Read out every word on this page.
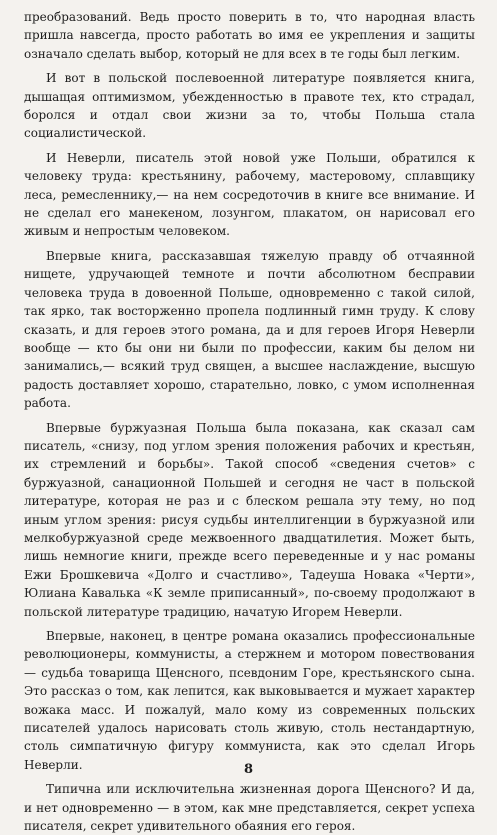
преобразований. Ведь просто поверить в то, что народная власть пришла навсегда, просто работать во имя ее укрепления и защиты означало сделать выбор, который не для всех в те годы был легким.

И вот в польской послевоенной литературе появляется книга, дышащая оптимизмом, убежденностью в правоте тех, кто страдал, боролся и отдал свои жизни за то, чтобы Польша стала социалистической.

И Неверли, писатель этой новой уже Польши, обратился к человеку труда: крестьянину, рабочему, мастеровому, сплавщику леса, ремесленнику,— на нем сосредоточив в книге все внимание. И не сделал его манекеном, лозунгом, плакатом, он нарисовал его живым и непростым человеком.

Впервые книга, рассказавшая тяжелую правду об отчаянной нищете, удручающей темноте и почти абсолютном бесправии человека труда в довоенной Польше, одновременно с такой силой, так ярко, так восторженно пропела подлинный гимн труду. К слову сказать, и для героев этого романа, да и для героев Игоря Неверли вообще — кто бы они ни были по профессии, каким бы делом ни занимались,— всякий труд священ, а высшее наслаждение, высшую радость доставляет хорошо, старательно, ловко, с умом исполненная работа.

Впервые буржуазная Польша была показана, как сказал сам писатель, «снизу, под углом зрения положения рабочих и крестьян, их стремлений и борьбы». Такой способ «сведения счетов» с буржуазной, санационной Польшей и сегодня не част в польской литературе, которая не раз и с блеском решала эту тему, но под иным углом зрения: рисуя судьбы интеллигенции в буржуазной или мелкобуржуазной среде межвоенного двадцатилетия. Может быть, лишь немногие книги, прежде всего переведенные и у нас романы Ежи Брошкевича «Долго и счастливо», Тадеуша Новака «Черти», Юлиана Кавалька «К земле приписанный», по-своему продолжают в польской литературе традицию, начатую Игорем Неверли.

Впервые, наконец, в центре романа оказались профессиональные революционеры, коммунисты, а стержнем и мотором повествования — судьба товарища Щенсного, псевдоним Горе, крестьянского сына. Это рассказ о том, как лепится, как выковывается и мужает характер вожака масс. И пожалуй, мало кому из современных польских писателей удалось нарисовать столь живую, столь нестандартную, столь симпатичную фигуру коммуниста, как это сделал Игорь Неверли.

Типична или исключительна жизненная дорога Щенсного? И да, и нет одновременно — в этом, как мне представляется, секрет успеха писателя, секрет удивительного обаяния его героя.

8
